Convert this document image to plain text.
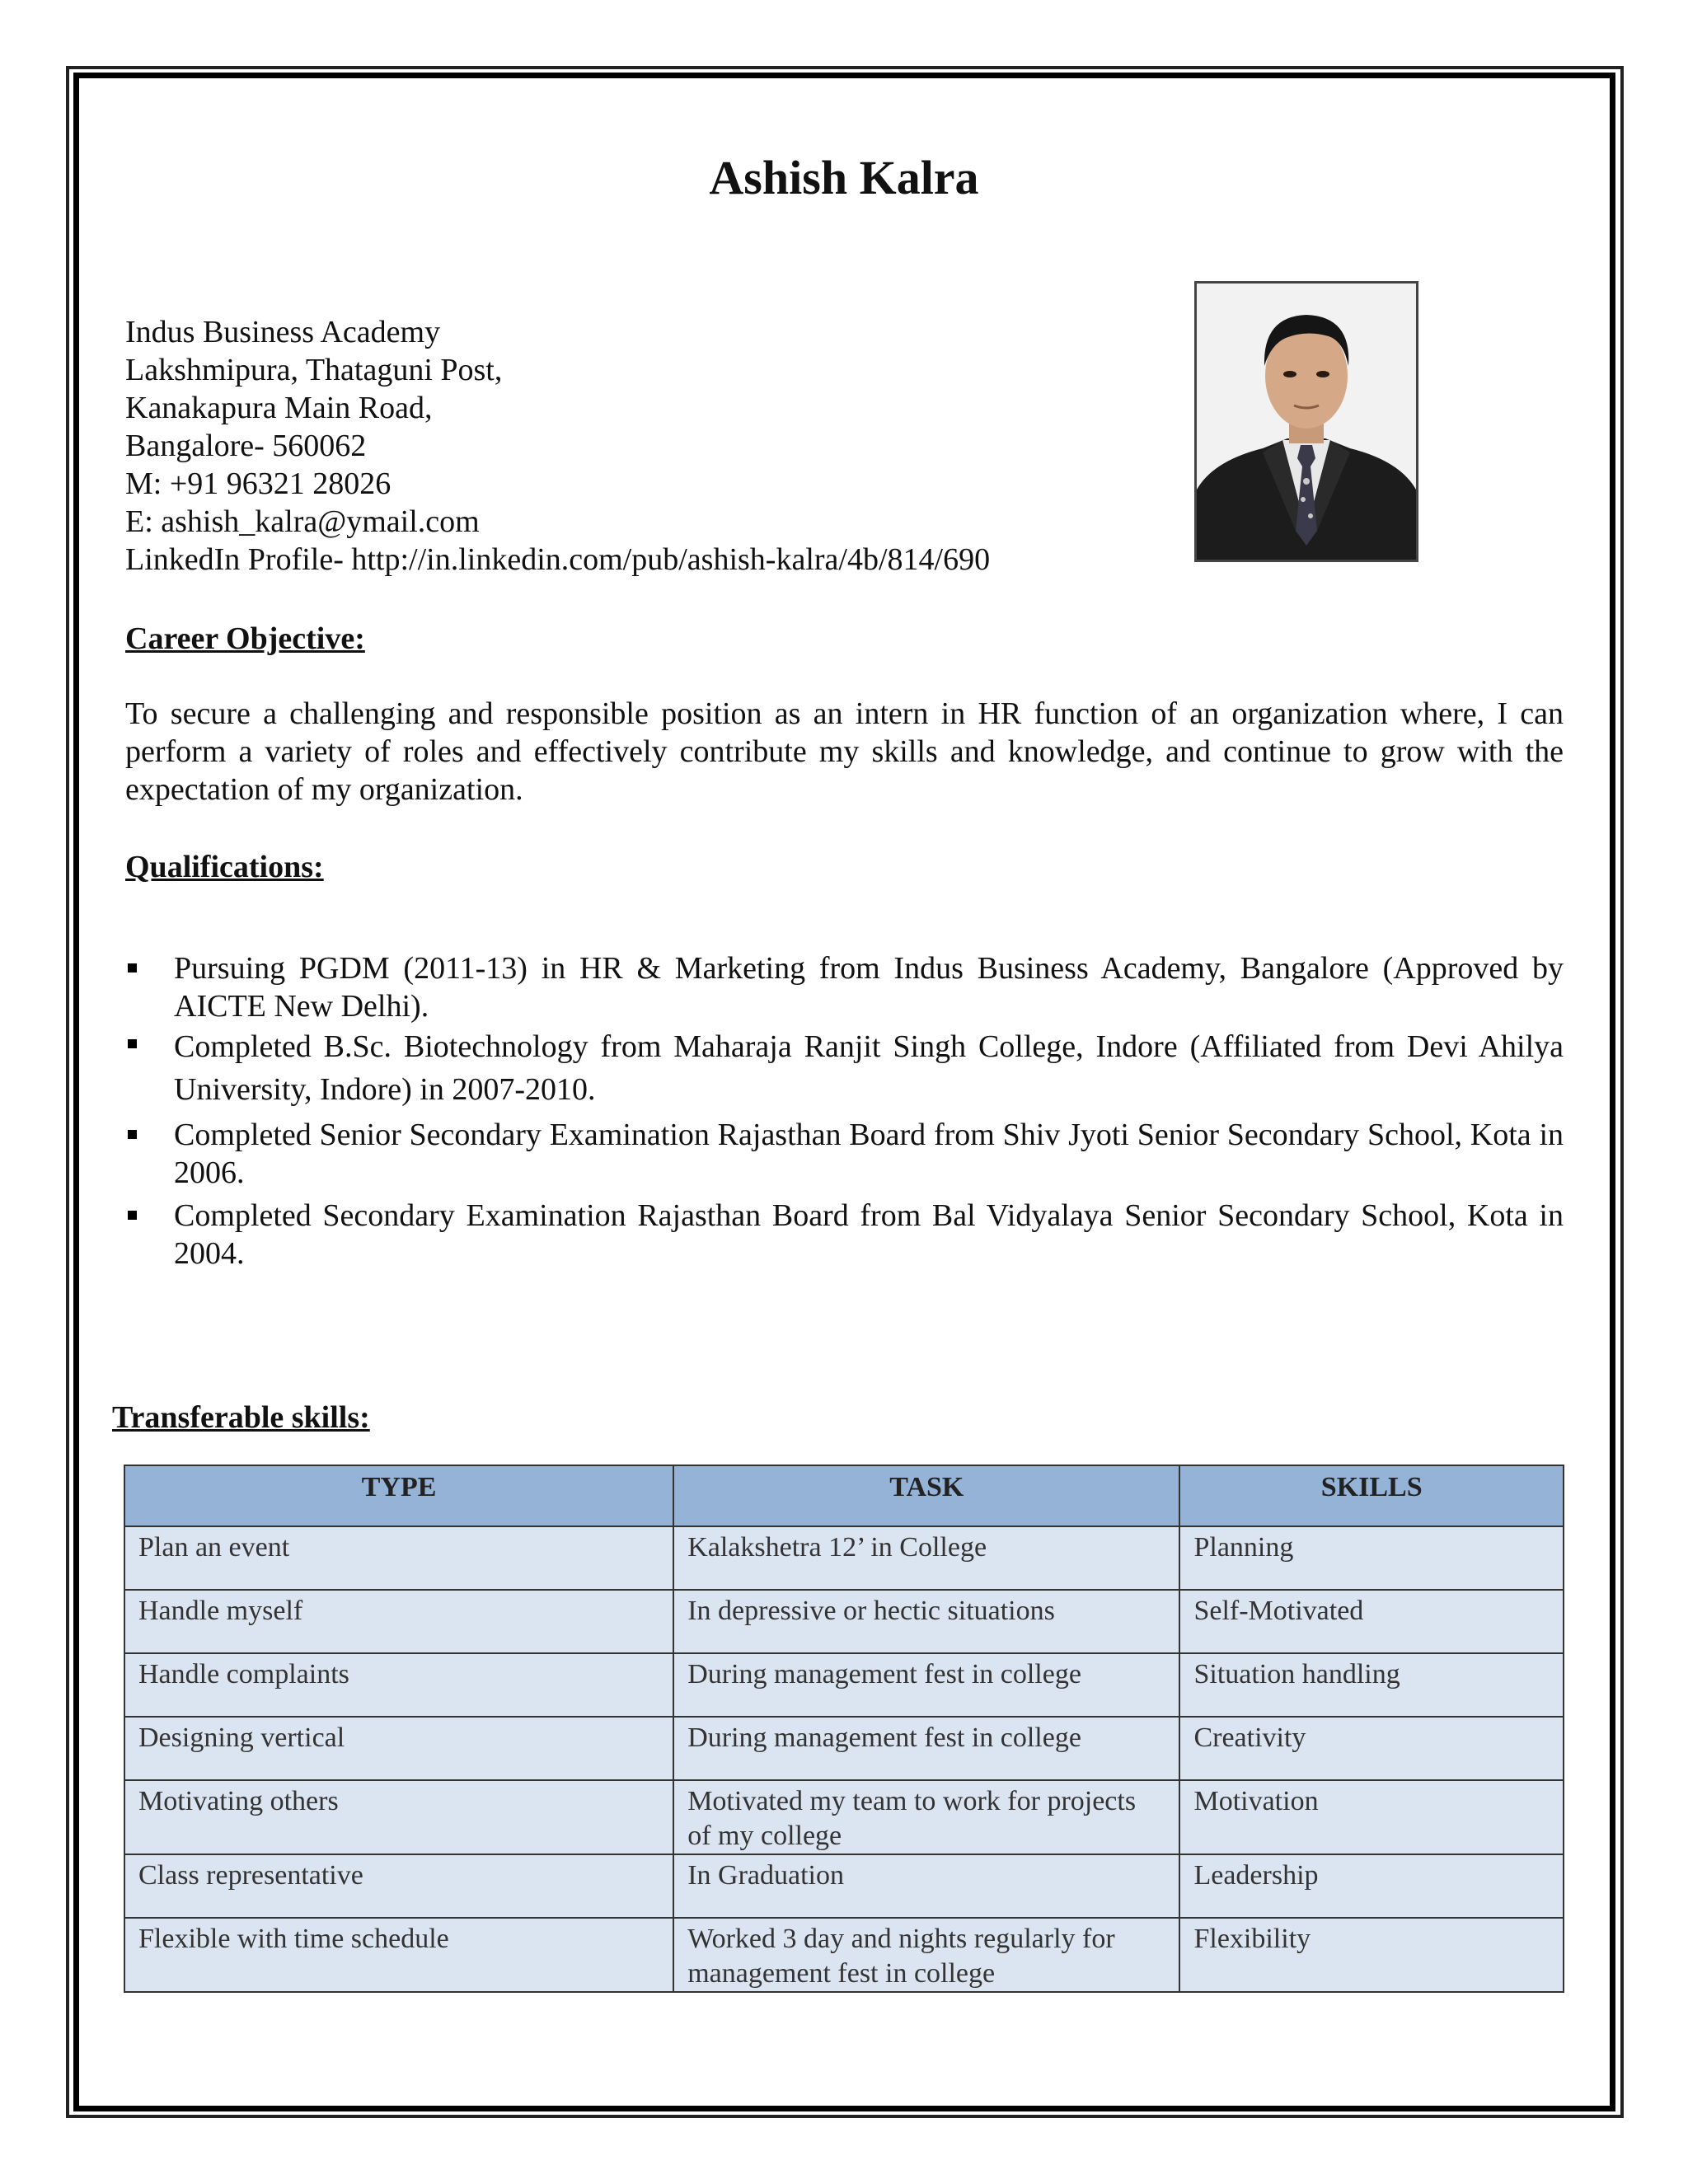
Ashish Kalra
Indus Business Academy
Lakshmipura, Thataguni Post,
Kanakapura Main Road,
Bangalore- 560062
M: +91 96321 28026
E: ashish_kalra@ymail.com
LinkedIn Profile- http://in.linkedin.com/pub/ashish-kalra/4b/814/690
Career Objective:

To secure a challenging and responsible position as an intern in HR function of an organization where, I can perform a variety of roles and effectively contribute my skills and knowledge, and continue to grow with the expectation of my organization.

Qualifications:
Pursuing PGDM (2011-13) in HR & Marketing from Indus Business Academy, Bangalore (Approved by AICTE New Delhi).
Completed B.Sc. Biotechnology from Maharaja Ranjit Singh College, Indore (Affiliated from Devi Ahilya University, Indore) in 2007-2010.
Completed Senior Secondary Examination Rajasthan Board from Shiv Jyoti Senior Secondary School, Kota in 2006.
Completed Secondary Examination Rajasthan Board from Bal Vidyalaya Senior Secondary School, Kota in 2004.
Transferable skills:
TYPE	TASK	SKILLS
Plan an event	Kalakshetra 12’ in College	Planning
Handle myself	In depressive or hectic situations	Self-Motivated
Handle complaints	During management fest in college	Situation handling
Designing vertical	During management fest in college	Creativity
Motivating others	Motivated my team to work for projects of my college	Motivation
Class representative	In Graduation	Leadership
Flexible with time schedule	Worked 3 day and nights regularly for management fest in college	Flexibility
